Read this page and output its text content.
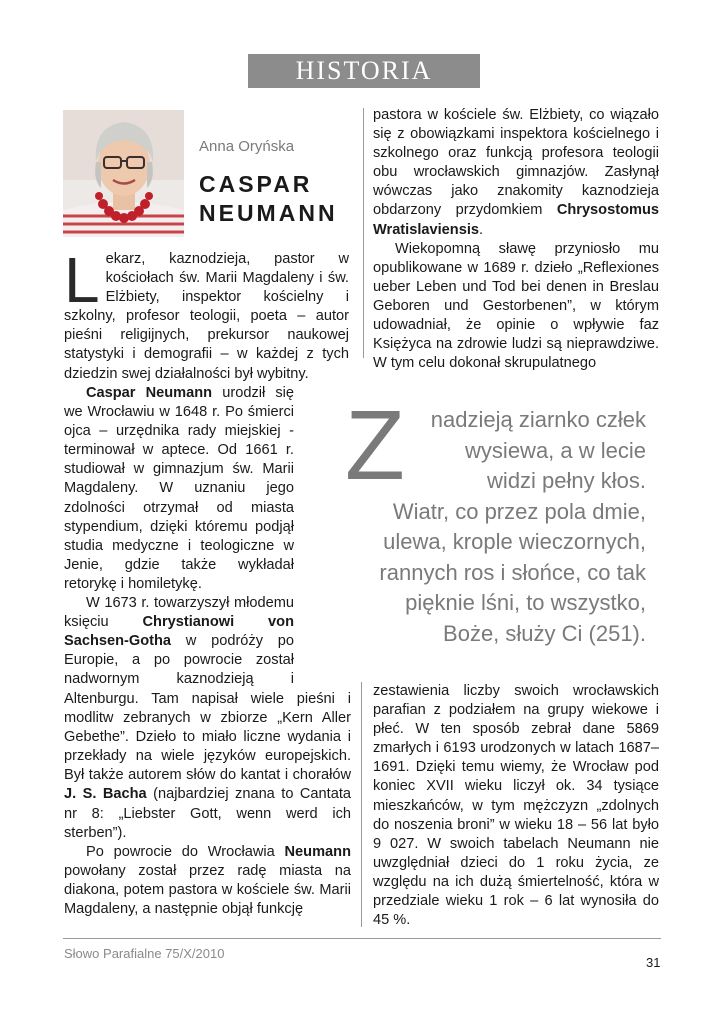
HISTORIA
Anna Oryńska
CASPAR NEUMANN

Lekarz, kaznodzieja, pastor w kościołach św. Marii Magdaleny i św. Elżbiety, inspektor kościelny i szkolny, profesor teologii, poeta – autor pieśni religijnych, prekursor naukowej statystyki i demografii – w każdej z tych dziedzin swej działalności był wybitny.

Caspar Neumann urodził się we Wrocławiu w 1648 r. Po śmierci ojca – urzędnika rady miejskiej - terminował w aptece. Od 1661 r. studiował w gimnazjum św. Marii Magdaleny. W uznaniu jego zdolności otrzymał od miasta stypendium, dzięki któremu podjął studia medyczne i teologiczne w Jenie, gdzie także wykładał retorykę i homiletykę.

W 1673 r. towarzyszył młodemu księciu Chrystianowi von Sachsen-Gotha w podróży po Europie, a po powrocie został nadwornym kaznodzieją i

Altenburgu. Tam napisał wiele pieśni i modlitw zebranych w zbiorze „Kern Aller Gebethe”. Dzieło to miało liczne wydania i przekłady na wiele języków europejskich. Był także autorem słów do kantat i chorałów J. S. Bacha (najbardziej znana to Cantata nr 8: „Liebster Gott, wenn werd ich sterben”).

Po powrocie do Wrocławia Neumann powołany został przez radę miasta na diakona, potem pastora w kościele św. Marii Magdaleny, a następnie objął funkcję

pastora w kościele św. Elżbiety, co wiązało się z obowiązkami inspektora kościelnego i szkolnego oraz funkcją profesora teologii obu wrocławskich gimnazjów. Zasłynął wówczas jako znakomity kaznodzieja obdarzony przydomkiem Chrysostomus Wratislaviensis.

Wiekopomną sławę przyniosło mu opublikowane w 1689 r. dzieło „Reflexiones ueber Leben und Tod bei denen in Breslau Geboren und Gestorbenen”, w którym udowadniał, że opinie o wpływie faz Księżyca na zdrowie ludzi są nieprawdziwe. W tym celu dokonał skrupulatnego

Z	nadzieją ziarnko człek
wysiewa, a w lecie
widzi pełny kłos.
Wiatr, co przez pola dmie,
ulewa, krople wieczornych,
rannych ros i słońce, co tak
pięknie lśni, to wszystko,
Boże, służy Ci (251).

zestawienia liczby swoich wrocławskich parafian z podziałem na grupy wiekowe i płeć. W ten sposób zebrał dane 5869 zmarłych i 6193 urodzonych w latach 1687–1691. Dzięki temu wiemy, że Wrocław pod koniec XVII wieku liczył ok. 34 tysiące mieszkańców, w tym mężczyzn „zdolnych do noszenia broni” w wieku 18 – 56 lat było 9 027. W swoich tabelach Neumann nie uwzględniał dzieci do 1 roku życia, ze względu na ich dużą śmiertelność, która w przedziale wieku 1 rok – 6 lat wynosiła do 45 %.

Słowo Parafialne 75/X/2010
31
